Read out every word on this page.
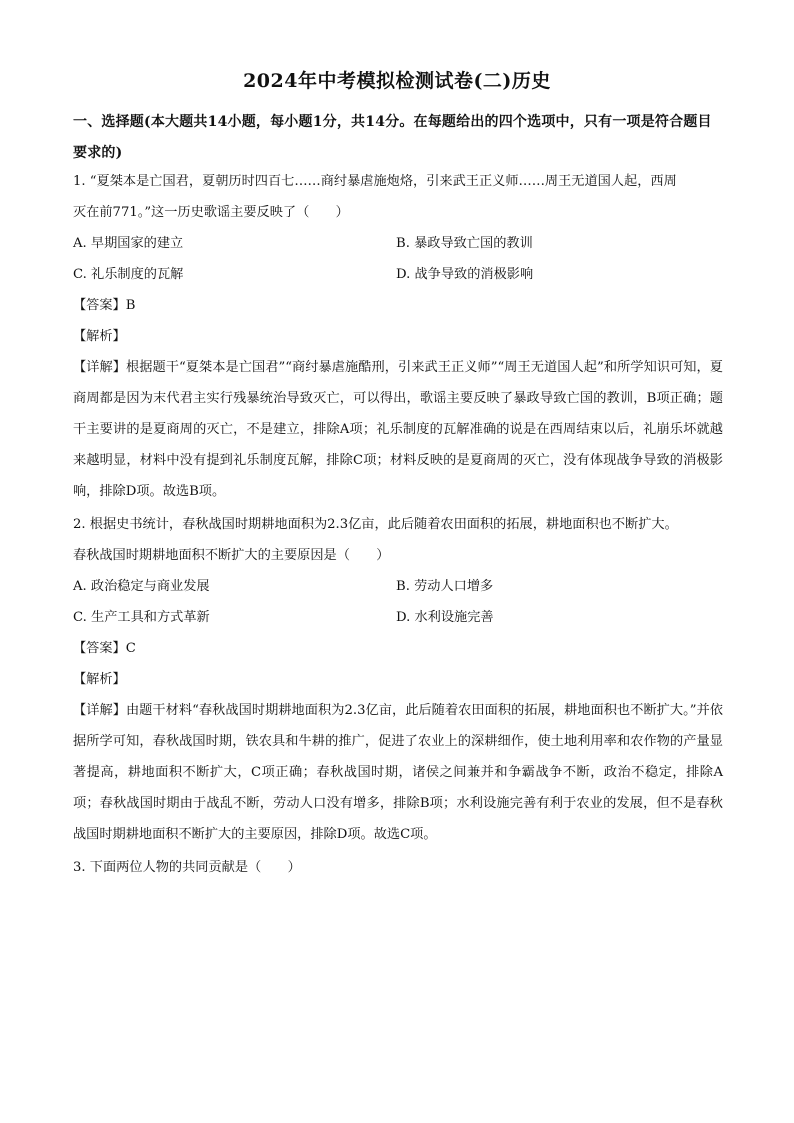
2024年中考模拟检测试卷(二)历史
一、选择题(本大题共14小题，每小题1分，共14分。在每题给出的四个选项中，只有一项是符合题目要求的)
1. “夏桀本是亡国君，夏朝历时四百七……商纣暴虐施炮烙，引来武王正义师……周王无道国人起，西周
灭在前771。”这一历史歌谣主要反映了（　　）
A. 早期国家的建立	B. 暴政导致亡国的教训
C. 礼乐制度的瓦解	D. 战争导致的消极影响
【答案】B
【解析】
【详解】根据题干“夏桀本是亡国君”“商纣暴虐施酷刑，引来武王正义师”“周王无道国人起”和所学知识可知，夏商周都是因为末代君主实行残暴统治导致灭亡，可以得出，歌谣主要反映了暴政导致亡国的教训，B项正确；题干主要讲的是夏商周的灭亡，不是建立，排除A项；礼乐制度的瓦解准确的说是在西周结束以后，礼崩乐坏就越来越明显，材料中没有提到礼乐制度瓦解，排除C项；材料反映的是夏商周的灭亡，没有体现战争导致的消极影响，排除D项。故选B项。
2. 根据史书统计，春秋战国时期耕地面积为2.3亿亩，此后随着农田面积的拓展，耕地面积也不断扩大。
春秋战国时期耕地面积不断扩大的主要原因是（　　）
A. 政治稳定与商业发展	B. 劳动人口增多
C. 生产工具和方式革新	D. 水利设施完善
【答案】C
【解析】
【详解】由题干材料“春秋战国时期耕地面积为2.3亿亩，此后随着农田面积的拓展，耕地面积也不断扩大。”并依据所学可知，春秋战国时期，铁农具和牛耕的推广，促进了农业上的深耕细作，使土地利用率和农作物的产量显著提高，耕地面积不断扩大，C项正确；春秋战国时期，诸侯之间兼并和争霸战争不断，政治不稳定，排除A项；春秋战国时期由于战乱不断，劳动人口没有增多，排除B项；水利设施完善有利于农业的发展，但不是春秋战国时期耕地面积不断扩大的主要原因，排除D项。故选C项。
3. 下面两位人物的共同贡献是（　　）
